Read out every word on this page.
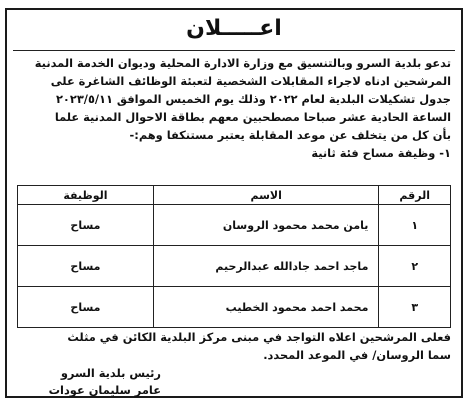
اعـــــلان

تدعو بلدية السرو وبالتنسيق مع وزارة الادارة المحلية وديوان الخدمة المدنية

المرشحين ادناه لاجراء المقابلات الشخصية لتعبئة الوظائف الشاغرة على

جدول تشكيلات البلدية لعام ٢٠٢٢ وذلك يوم الخميس الموافق ٢٠٢٣/٥/١١

الساعة الحادية عشر صباحا مصطحبين معهم بطاقة الاحوال المدنية علما

بأن كل من يتخلف عن موعد المقابلة يعتبر مستنكفا وهم:-

١- وظيفة مساح فئة ثانية

الرقم	الاسم	الوظيفة
١	يامن محمد محمود الروسان	مساح
٢	ماجد احمد جادالله عبدالرحيم	مساح
٣	محمد احمد محمود الخطيب	مساح

فعلى المرشحين اعلاه التواجد في مبنى مركز البلدية الكائن في مثلث

سما الروسان/ في الموعد المحدد.

رئيس بلدية السرو

عامر سليمان عودات
